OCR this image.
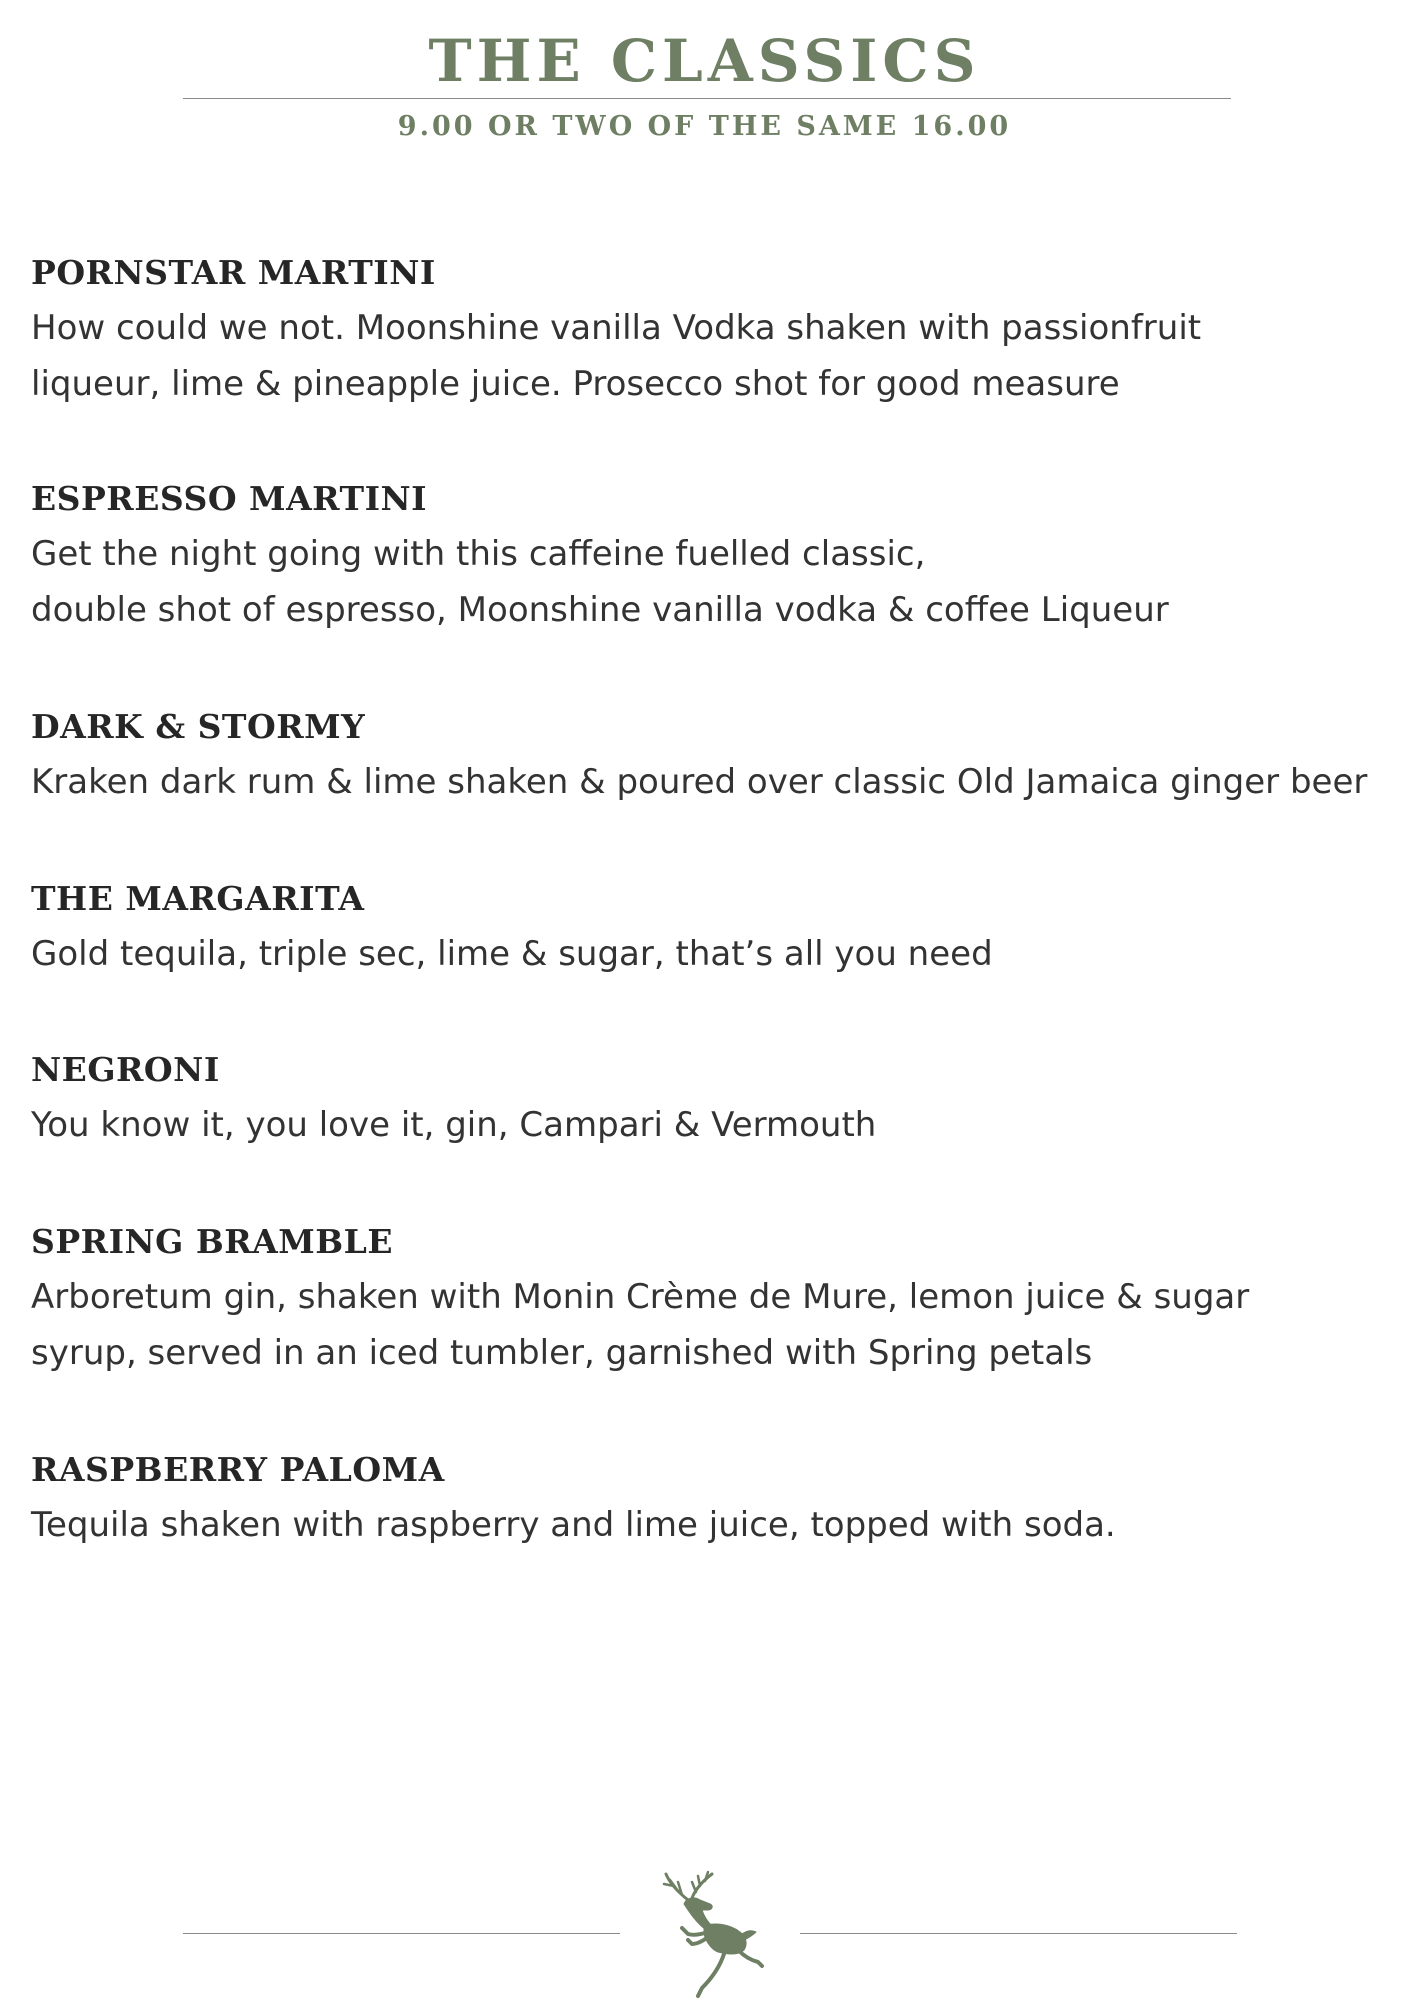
THE CLASSICS
9.00 OR TWO OF THE SAME 16.00
PORNSTAR MARTINI

How could we not. Moonshine vanilla Vodka shaken with passionfruit
liqueur, lime & pineapple juice. Prosecco shot for good measure

ESPRESSO MARTINI

Get the night going with this caffeine fuelled classic,
double shot of espresso, Moonshine vanilla vodka & coffee Liqueur

DARK & STORMY

Kraken dark rum & lime shaken & poured over classic Old Jamaica ginger beer

THE MARGARITA

Gold tequila, triple sec, lime & sugar, that’s all you need

NEGRONI

You know it, you love it, gin, Campari & Vermouth

SPRING BRAMBLE

Arboretum gin, shaken with Monin Crème de Mure, lemon juice & sugar
syrup, served in an iced tumbler, garnished with Spring petals

RASPBERRY PALOMA

Tequila shaken with raspberry and lime juice, topped with soda.
